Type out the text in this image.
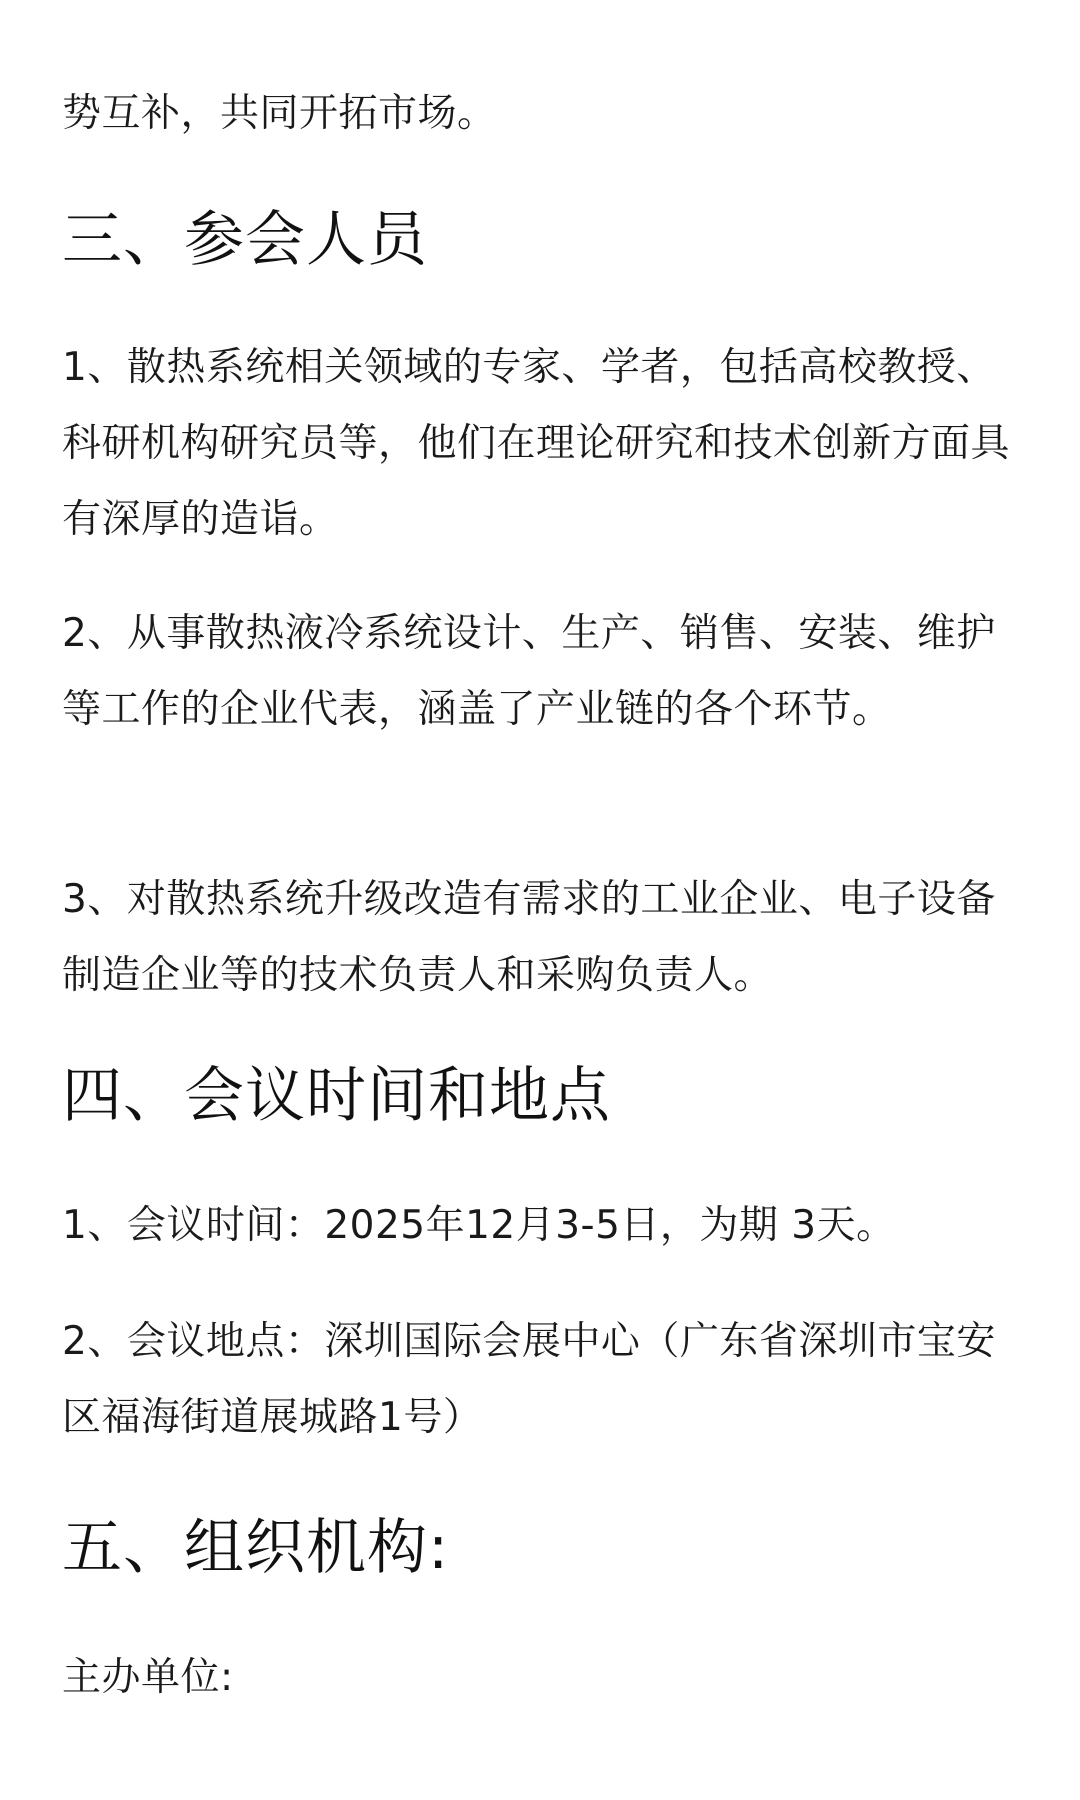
势互补，共同开拓市场。

三、参会人员

1、散热系统相关领域的专家、学者，包括高校教授、科研机构研究员等，他们在理论研究和技术创新方面具有深厚的造诣。

2、从事散热液冷系统设计、生产、销售、安装、维护等工作的企业代表，涵盖了产业链的各个环节。

3、对散热系统升级改造有需求的工业企业、电子设备制造企业等的技术负责人和采购负责人。

四、会议时间和地点

1、会议时间：2025年12月3-5日，为期 3天。

2、会议地点：深圳国际会展中心（广东省深圳市宝安区福海街道展城路1号）

五、组织机构:

主办单位:
